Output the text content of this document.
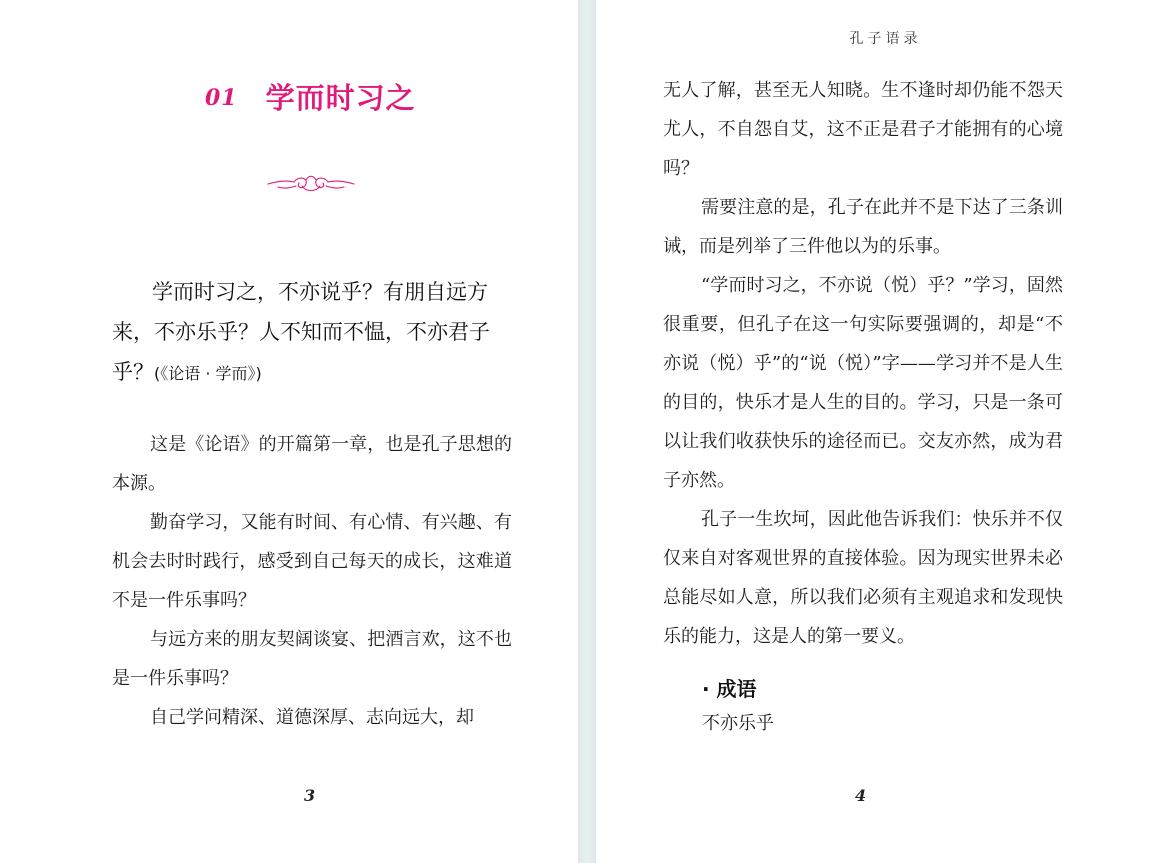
01 学而时习之

学而时习之，不亦说乎？有朋自远方来，不亦乐乎？人不知而不愠，不亦君子乎？(《论语 · 学而》)

这是《论语》的开篇第一章，也是孔子思想的本源。

勤奋学习，又能有时间、有心情、有兴趣、有机会去时时践行，感受到自己每天的成长，这难道不是一件乐事吗？

与远方来的朋友契阔谈宴、把酒言欢，这不也是一件乐事吗？

自己学问精深、道德深厚、志向远大，却

3
孔子语录

无人了解，甚至无人知晓。生不逢时却仍能不怨天尤人，不自怨自艾，这不正是君子才能拥有的心境吗？

需要注意的是，孔子在此并不是下达了三条训诫，而是列举了三件他以为的乐事。

“学而时习之，不亦说（悦）乎？”学习，固然很重要，但孔子在这一句实际要强调的，却是“不亦说（悦）乎”的“说（悦）”字——学习并不是人生的目的，快乐才是人生的目的。学习，只是一条可以让我们收获快乐的途径而已。交友亦然，成为君子亦然。

孔子一生坎坷，因此他告诉我们：快乐并不仅仅来自对客观世界的直接体验。因为现实世界未必总能尽如人意，所以我们必须有主观追求和发现快乐的能力，这是人的第一要义。

· 成语
不亦乐乎
4
